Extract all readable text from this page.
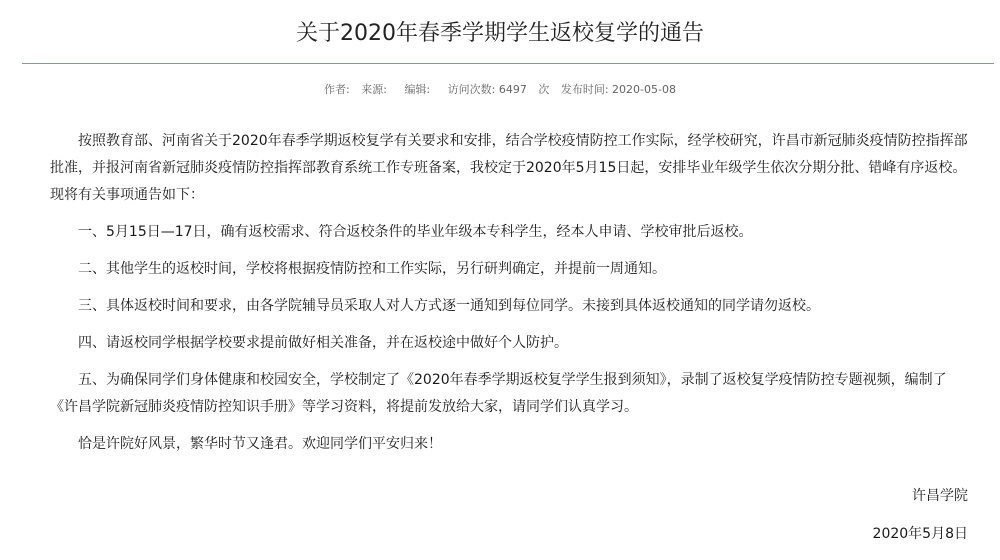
关于2020年春季学期学生返校复学的通告
作者: 来源: 编辑: 访问次数: 6497 次 发布时间: 2020-05-08

按照教育部、河南省关于2020年春季学期返校复学有关要求和安排，结合学校疫情防控工作实际，经学校研究，许昌市新冠肺炎疫情防控指挥部批准，并报河南省新冠肺炎疫情防控指挥部教育系统工作专班备案，我校定于2020年5月15日起，安排毕业年级学生依次分期分批、错峰有序返校。现将有关事项通告如下：

一、5月15日—17日，确有返校需求、符合返校条件的毕业年级本专科学生，经本人申请、学校审批后返校。

二、其他学生的返校时间，学校将根据疫情防控和工作实际，另行研判确定，并提前一周通知。

三、具体返校时间和要求，由各学院辅导员采取人对人方式逐一通知到每位同学。未接到具体返校通知的同学请勿返校。

四、请返校同学根据学校要求提前做好相关准备，并在返校途中做好个人防护。

五、为确保同学们身体健康和校园安全，学校制定了《2020年春季学期返校复学学生报到须知》，录制了返校复学疫情防控专题视频，编制了《许昌学院新冠肺炎疫情防控知识手册》等学习资料，将提前发放给大家，请同学们认真学习。

恰是许院好风景，繁华时节又逢君。欢迎同学们平安归来！

许昌学院
2020年5月8日
